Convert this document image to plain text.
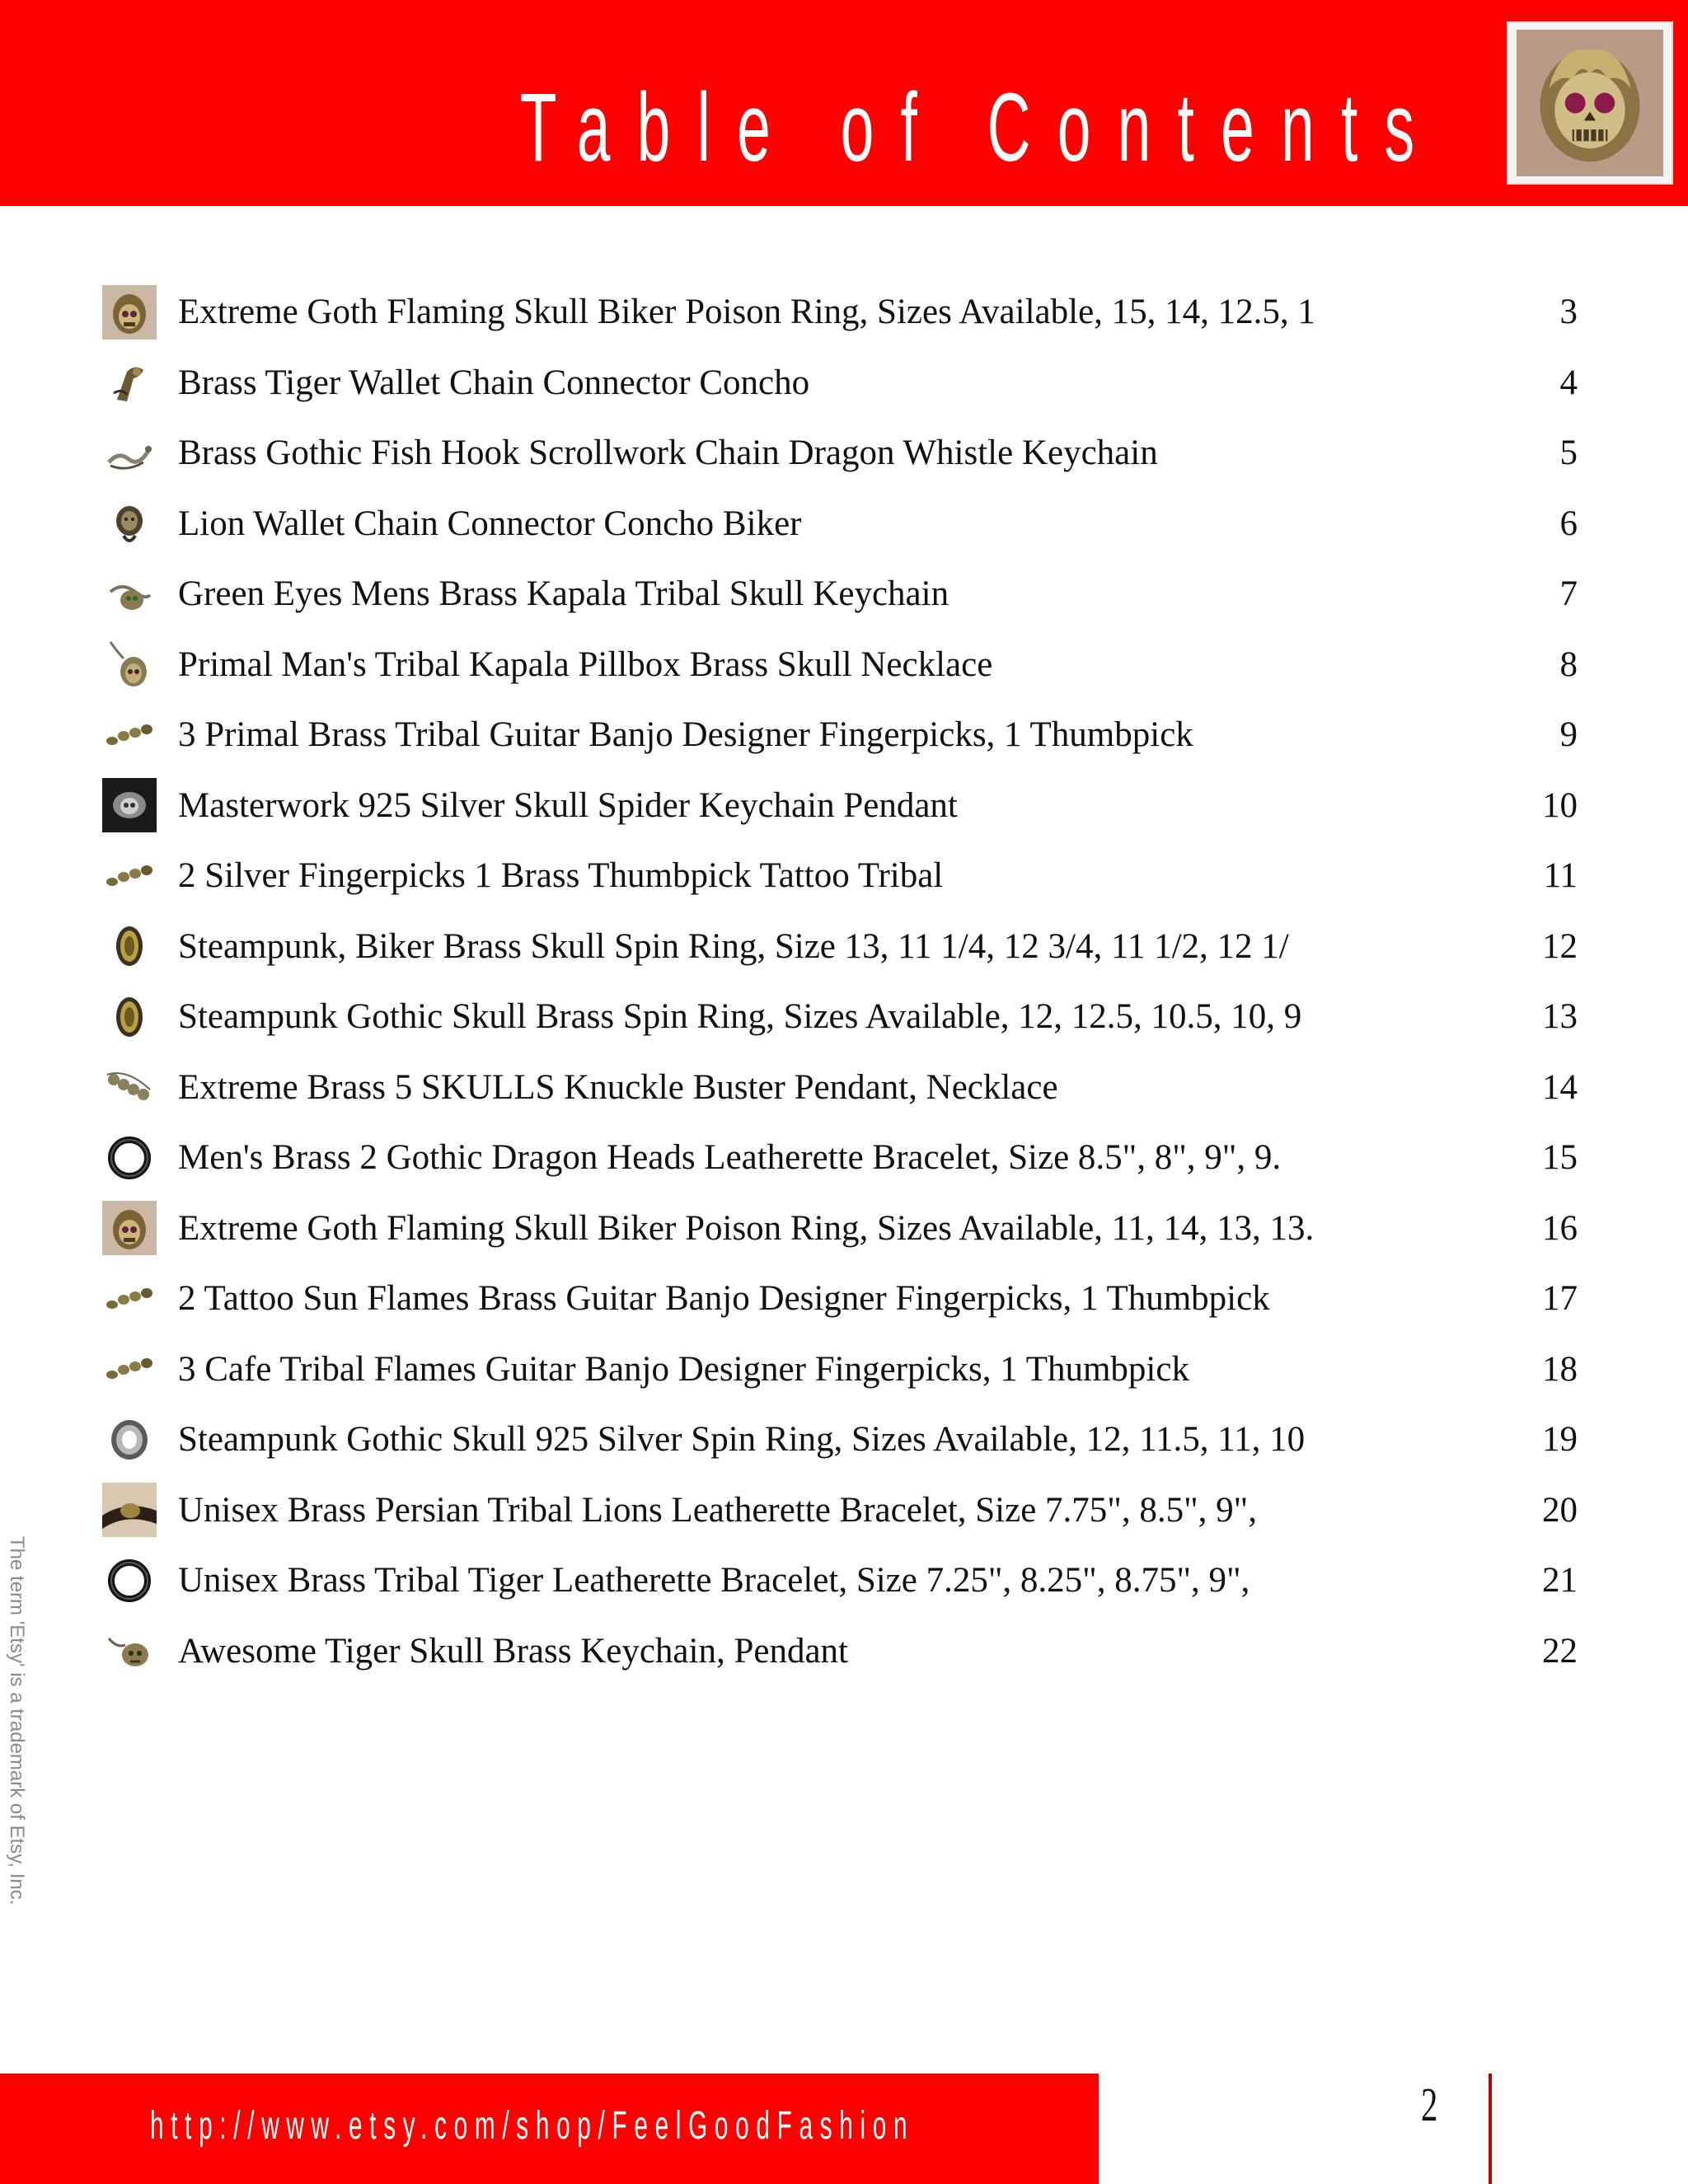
Table of Contents
Extreme Goth Flaming Skull Biker Poison Ring, Sizes Available, 15, 14, 12.5, 1	3
Brass Tiger Wallet Chain Connector Concho	4
Brass Gothic Fish Hook Scrollwork Chain Dragon Whistle Keychain	5
Lion Wallet Chain Connector Concho Biker	6
Green Eyes Mens Brass Kapala Tribal Skull Keychain	7
Primal Man's Tribal Kapala Pillbox Brass Skull Necklace	8
3 Primal Brass Tribal Guitar Banjo Designer Fingerpicks, 1 Thumbpick	9
Masterwork 925 Silver Skull Spider Keychain Pendant	10
2 Silver Fingerpicks 1 Brass Thumbpick Tattoo Tribal	11
Steampunk, Biker Brass Skull Spin Ring, Size 13, 11 1/4, 12 3/4, 11 1/2, 12 1/	12
Steampunk Gothic Skull Brass Spin Ring, Sizes Available, 12, 12.5, 10.5, 10, 9	13
Extreme Brass 5 SKULLS Knuckle Buster Pendant, Necklace	14
Men's Brass 2 Gothic Dragon Heads Leatherette Bracelet, Size 8.5", 8", 9", 9.	15
Extreme Goth Flaming Skull Biker Poison Ring, Sizes Available, 11, 14, 13, 13.	16
2 Tattoo Sun Flames Brass Guitar Banjo Designer Fingerpicks, 1 Thumbpick	17
3 Cafe Tribal Flames Guitar Banjo Designer Fingerpicks, 1 Thumbpick	18
Steampunk Gothic Skull 925 Silver Spin Ring, Sizes Available, 12, 11.5, 11, 10	19
Unisex Brass Persian Tribal Lions Leatherette Bracelet, Size 7.75", 8.5", 9",	20
Unisex Brass Tribal Tiger Leatherette Bracelet, Size 7.25", 8.25", 8.75", 9",	21
Awesome Tiger Skull Brass Keychain, Pendant	22
The term 'Etsy' is a trademark of Etsy, Inc.
http://www.etsy.com/shop/FeelGoodFashion	2
